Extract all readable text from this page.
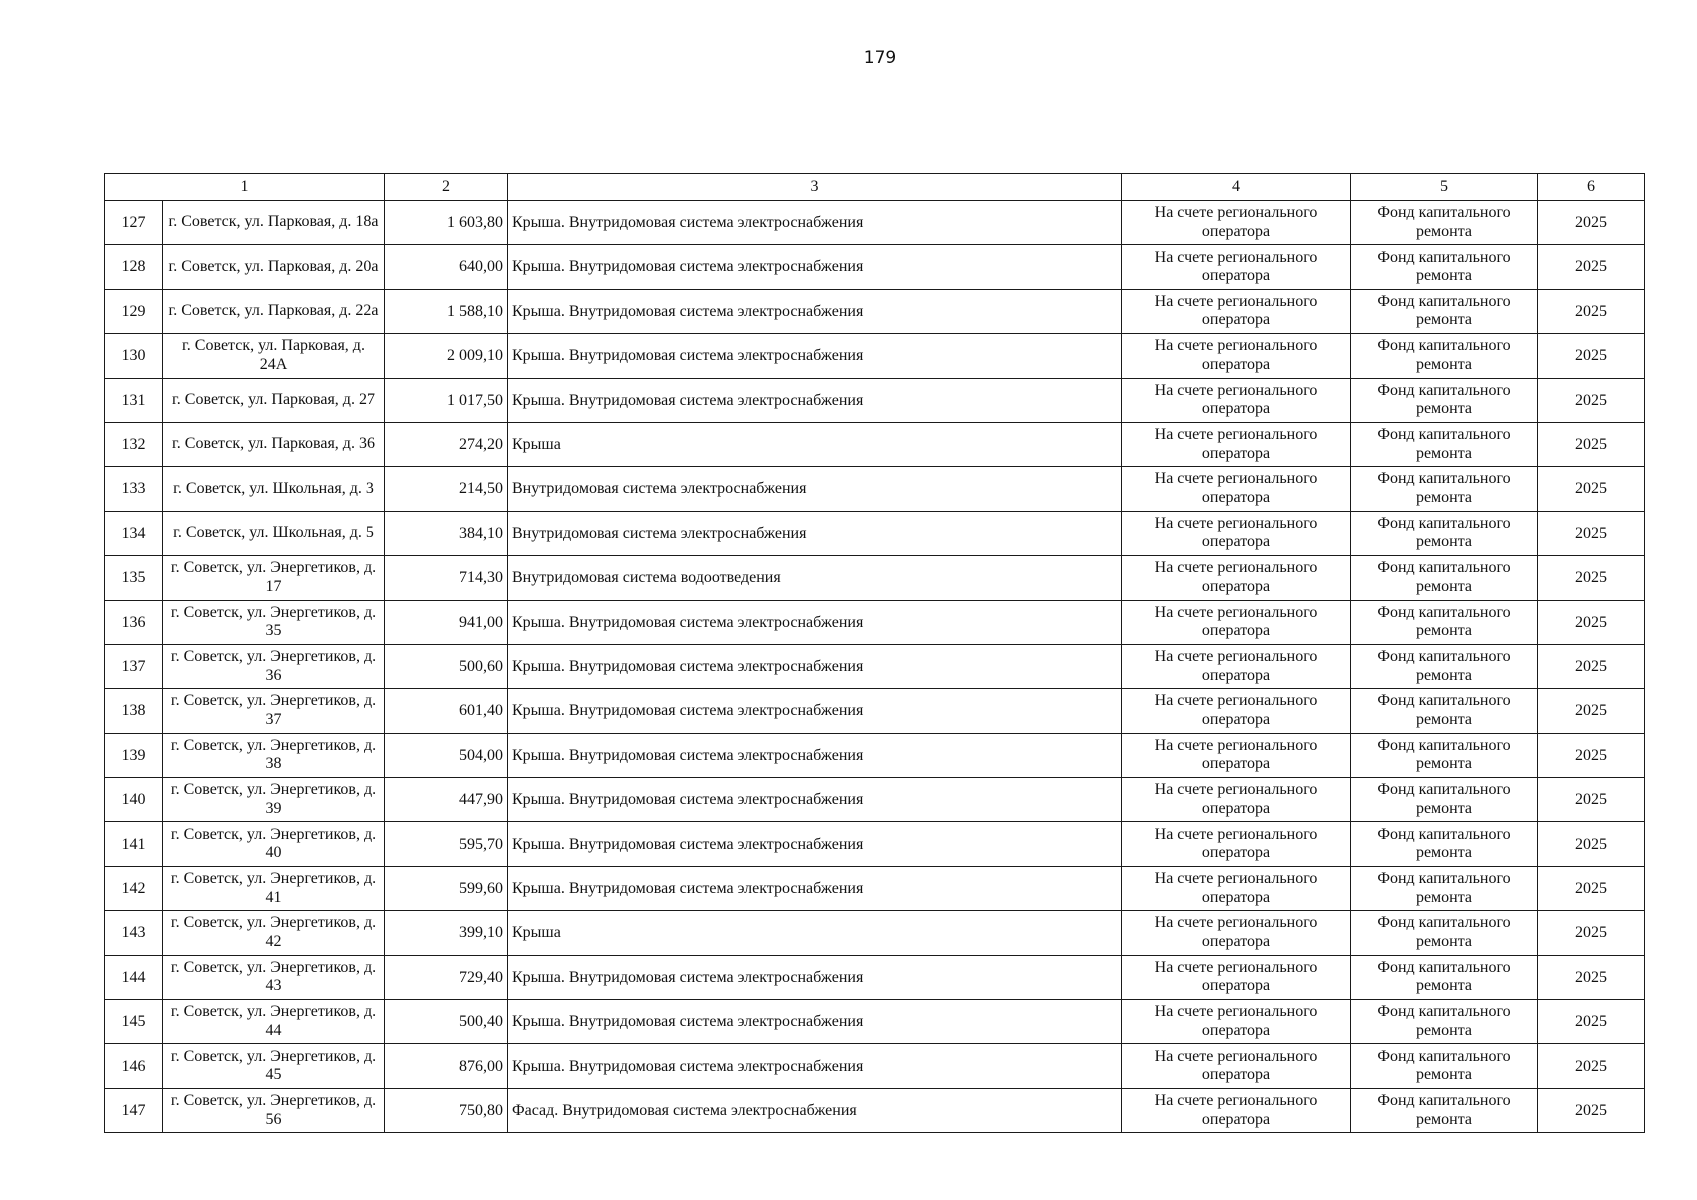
179
1		2	3	4	5	6
127	г. Советск, ул. Парковая, д. 18а	1 603,80	Крыша. Внутридомовая система электроснабжения	На счете регионального оператора	Фонд капитального ремонта	2025
128	г. Советск, ул. Парковая, д. 20а	640,00	Крыша. Внутридомовая система электроснабжения	На счете регионального оператора	Фонд капитального ремонта	2025
129	г. Советск, ул. Парковая, д. 22а	1 588,10	Крыша. Внутридомовая система электроснабжения	На счете регионального оператора	Фонд капитального ремонта	2025
130	г. Советск, ул. Парковая, д. 24А	2 009,10	Крыша. Внутридомовая система электроснабжения	На счете регионального оператора	Фонд капитального ремонта	2025
131	г. Советск, ул. Парковая, д. 27	1 017,50	Крыша. Внутридомовая система электроснабжения	На счете регионального оператора	Фонд капитального ремонта	2025
132	г. Советск, ул. Парковая, д. 36	274,20	Крыша	На счете регионального оператора	Фонд капитального ремонта	2025
133	г. Советск, ул. Школьная, д. 3	214,50	Внутридомовая система электроснабжения	На счете регионального оператора	Фонд капитального ремонта	2025
134	г. Советск, ул. Школьная, д. 5	384,10	Внутридомовая система электроснабжения	На счете регионального оператора	Фонд капитального ремонта	2025
135	г. Советск, ул. Энергетиков, д. 17	714,30	Внутридомовая система водоотведения	На счете регионального оператора	Фонд капитального ремонта	2025
136	г. Советск, ул. Энергетиков, д. 35	941,00	Крыша. Внутридомовая система электроснабжения	На счете регионального оператора	Фонд капитального ремонта	2025
137	г. Советск, ул. Энергетиков, д. 36	500,60	Крыша. Внутридомовая система электроснабжения	На счете регионального оператора	Фонд капитального ремонта	2025
138	г. Советск, ул. Энергетиков, д. 37	601,40	Крыша. Внутридомовая система электроснабжения	На счете регионального оператора	Фонд капитального ремонта	2025
139	г. Советск, ул. Энергетиков, д. 38	504,00	Крыша. Внутридомовая система электроснабжения	На счете регионального оператора	Фонд капитального ремонта	2025
140	г. Советск, ул. Энергетиков, д. 39	447,90	Крыша. Внутридомовая система электроснабжения	На счете регионального оператора	Фонд капитального ремонта	2025
141	г. Советск, ул. Энергетиков, д. 40	595,70	Крыша. Внутридомовая система электроснабжения	На счете регионального оператора	Фонд капитального ремонта	2025
142	г. Советск, ул. Энергетиков, д. 41	599,60	Крыша. Внутридомовая система электроснабжения	На счете регионального оператора	Фонд капитального ремонта	2025
143	г. Советск, ул. Энергетиков, д. 42	399,10	Крыша	На счете регионального оператора	Фонд капитального ремонта	2025
144	г. Советск, ул. Энергетиков, д. 43	729,40	Крыша. Внутридомовая система электроснабжения	На счете регионального оператора	Фонд капитального ремонта	2025
145	г. Советск, ул. Энергетиков, д. 44	500,40	Крыша. Внутридомовая система электроснабжения	На счете регионального оператора	Фонд капитального ремонта	2025
146	г. Советск, ул. Энергетиков, д. 45	876,00	Крыша. Внутридомовая система электроснабжения	На счете регионального оператора	Фонд капитального ремонта	2025
147	г. Советск, ул. Энергетиков, д. 56	750,80	Фасад. Внутридомовая система электроснабжения	На счете регионального оператора	Фонд капитального ремонта	2025
